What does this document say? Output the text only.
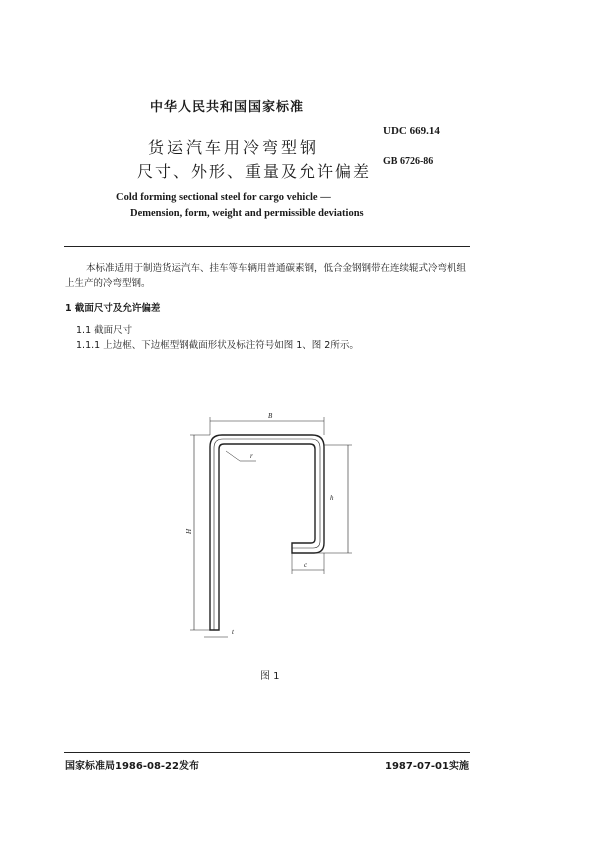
中华人民共和国国家标准
UDC 669.14
GB 6726-86
货运汽车用冷弯型钢
尺寸、外形、重量及允许偏差
Cold forming sectional steel for cargo vehicle —
Demension, form, weight and permissible deviations
本标准适用于制造货运汽车、挂车等车辆用普通碳素钢，低合金钢钢带在连续辊式冷弯机组上生产的冷弯型钢。
1 截面尺寸及允许偏差
1.1 截面尺寸
1.1.1 上边框、下边框型钢截面形状及标注符号如图 1、图 2所示。
B
r
h
H
c
t
图 1
国家标准局1986-08-22发布	1987-07-01实施
